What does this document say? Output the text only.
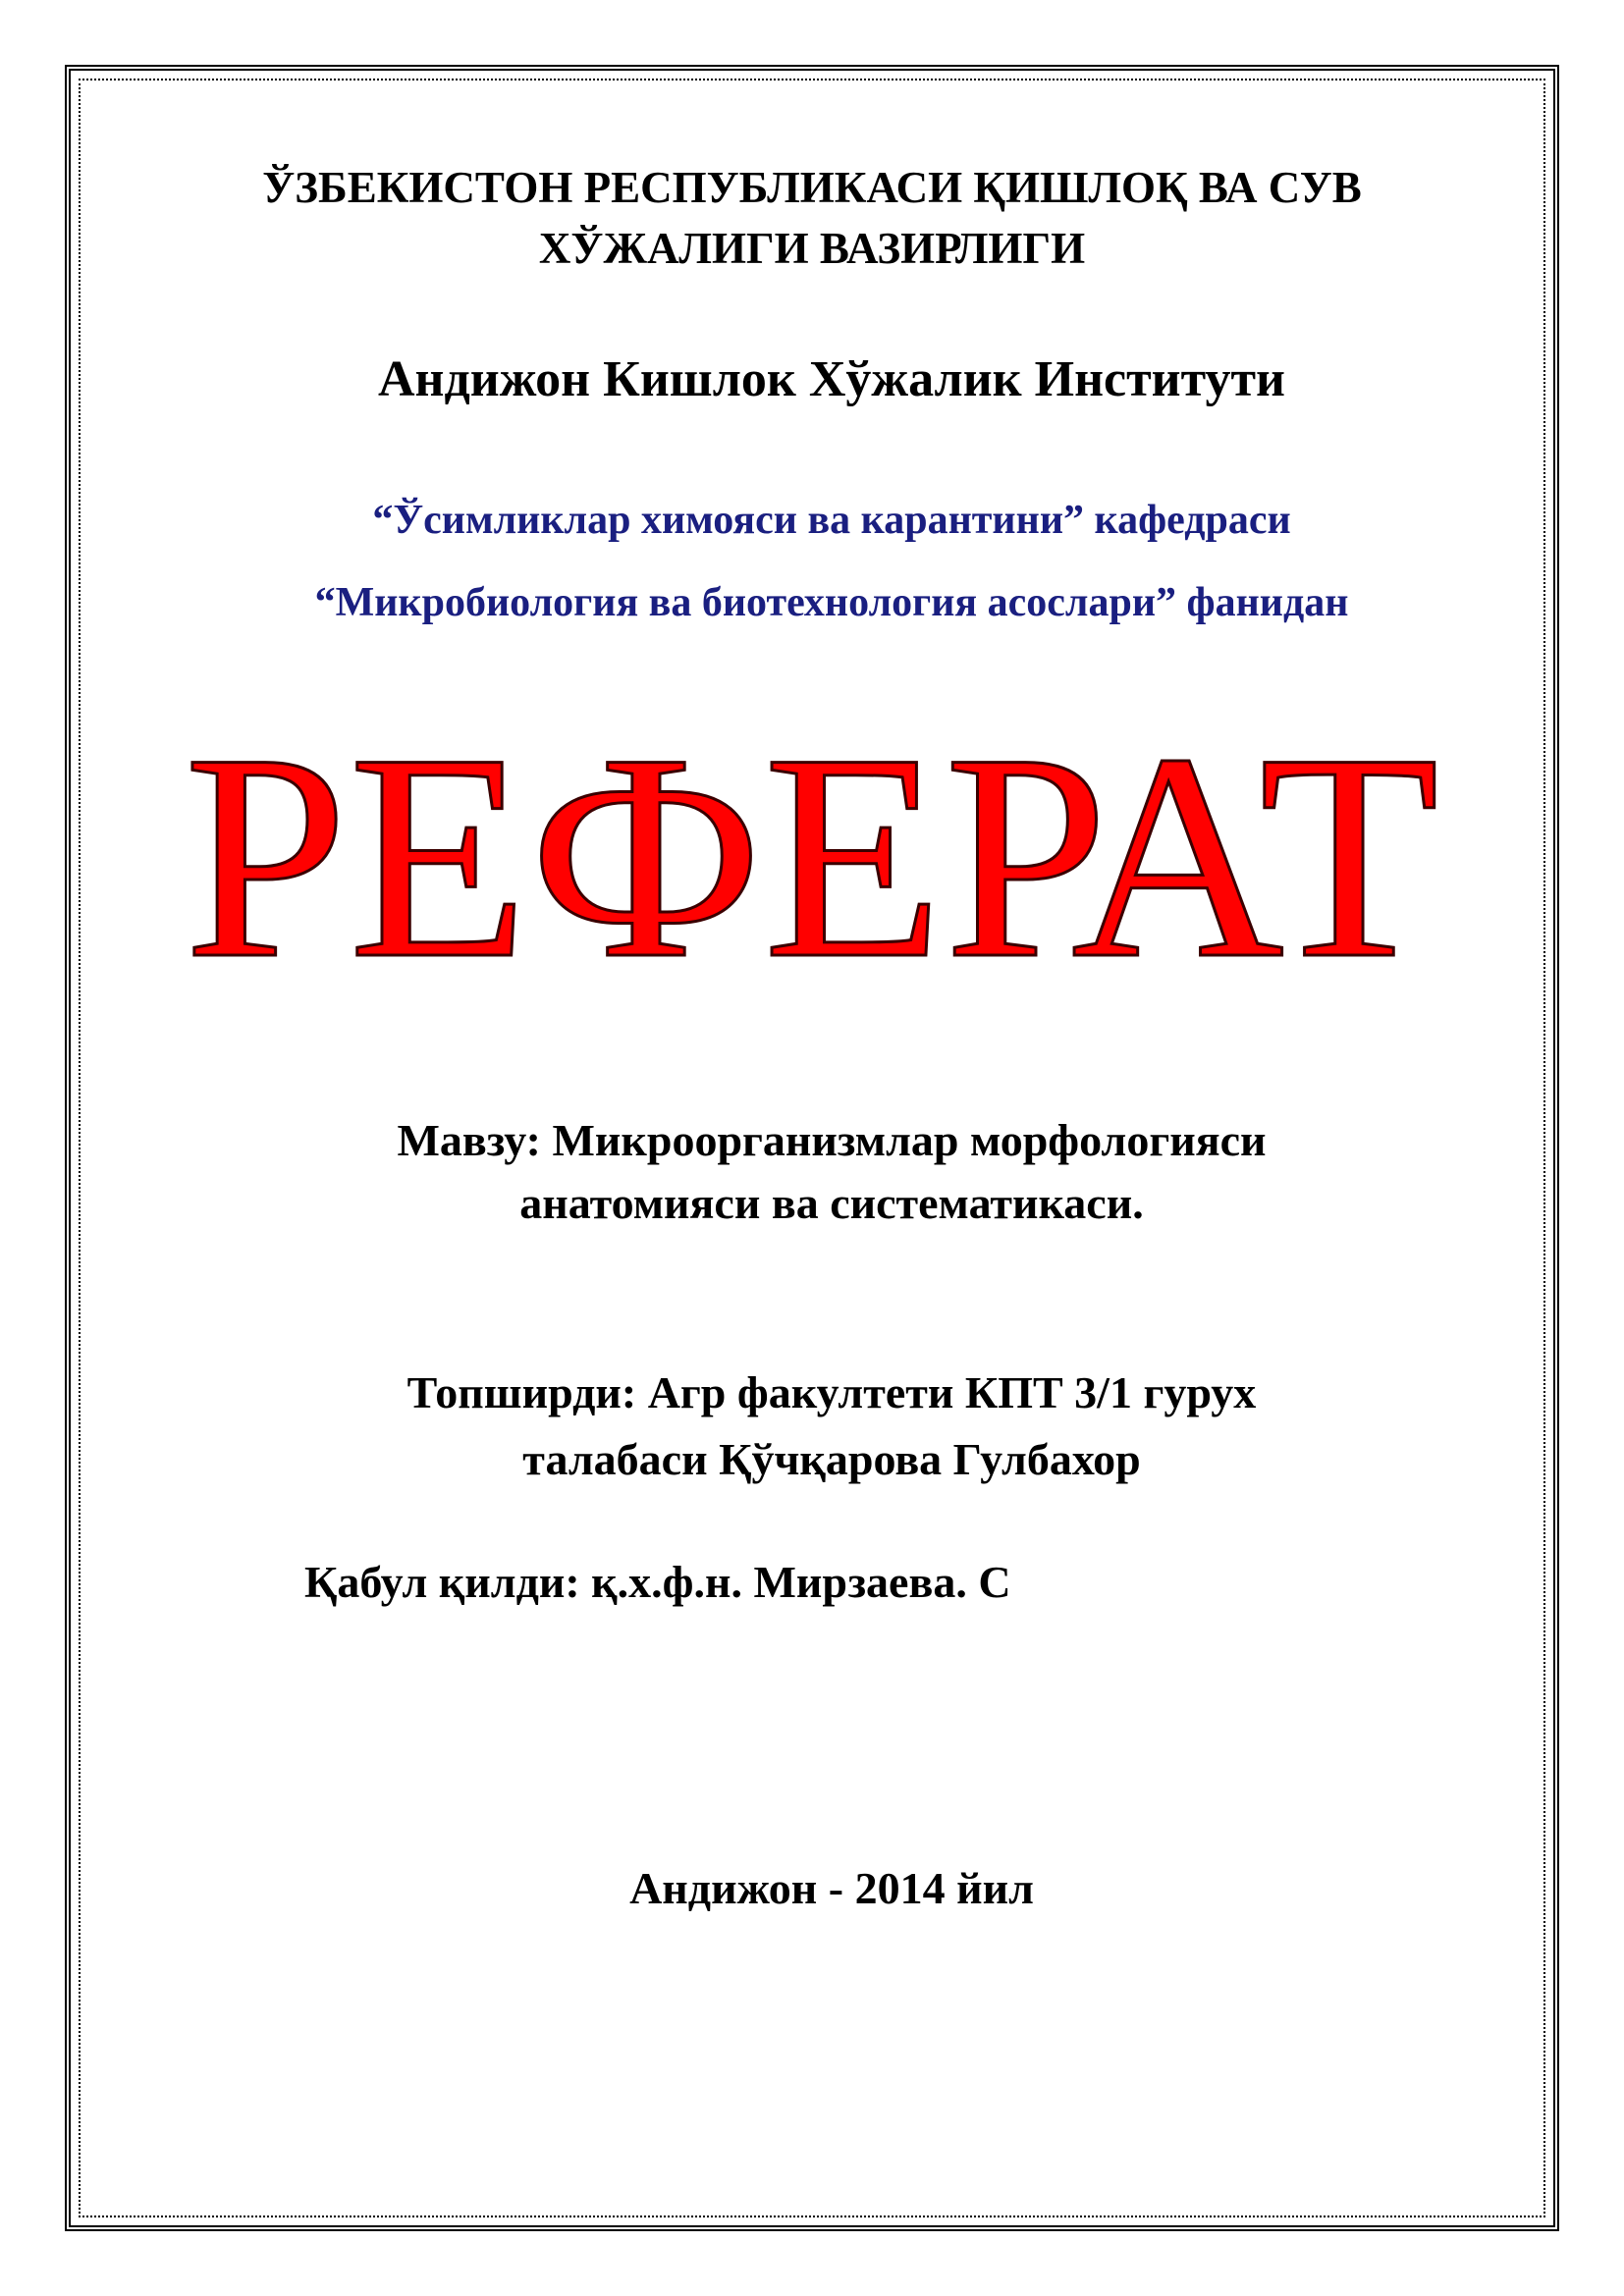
ЎЗБЕКИСТОН РЕСПУБЛИКАСИ ҚИШЛОҚ ВА СУВ
ХЎЖАЛИГИ ВАЗИРЛИГИ
Андижон Кишлок Хўжалик Институти
“Ўсимликлар химояси ва карантини” кафедраси
“Микробиология ва биотехнология асослари” фанидан
РЕФЕРАТ
Мавзу: Микроорганизмлар морфологияси
анатомияси ва систематикаси.
Топширди: Агр факултети КПТ 3/1 гурух
талабаси Қўчқарова Гулбахор
Қабул қилди: қ.х.ф.н. Мирзаева. С
Андижон - 2014 йил
